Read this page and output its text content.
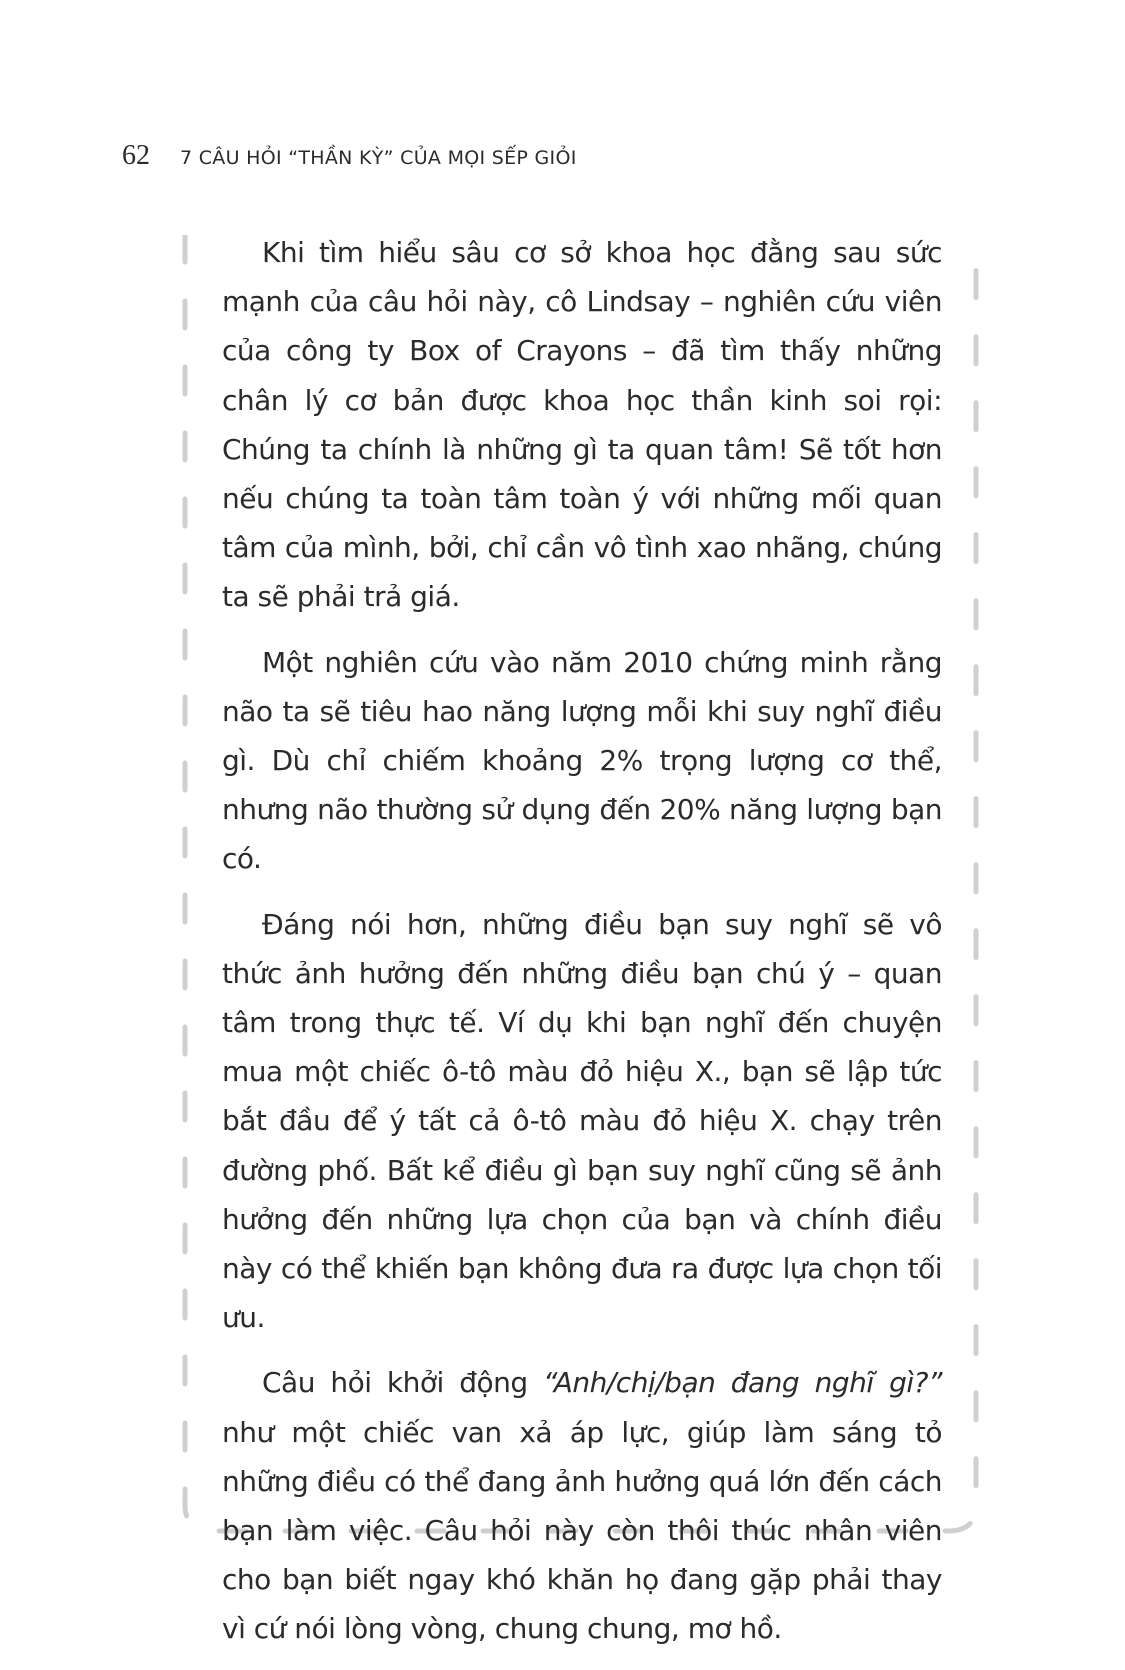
62 7 CÂU HỎI “THẦN KỲ” CỦA MỌI SẾP GIỎI

Khi tìm hiểu sâu cơ sở khoa học đằng sau sức mạnh của câu hỏi này, cô Lindsay – nghiên cứu viên của công ty Box of Crayons – đã tìm thấy những chân lý cơ bản được khoa học thần kinh soi rọi: Chúng ta chính là những gì ta quan tâm! Sẽ tốt hơn nếu chúng ta toàn tâm toàn ý với những mối quan tâm của mình, bởi, chỉ cần vô tình xao nhãng, chúng ta sẽ phải trả giá.

Một nghiên cứu vào năm 2010 chứng minh rằng não ta sẽ tiêu hao năng lượng mỗi khi suy nghĩ điều gì. Dù chỉ chiếm khoảng 2% trọng lượng cơ thể, nhưng não thường sử dụng đến 20% năng lượng bạn có.

Đáng nói hơn, những điều bạn suy nghĩ sẽ vô thức ảnh hưởng đến những điều bạn chú ý – quan tâm trong thực tế. Ví dụ khi bạn nghĩ đến chuyện mua một chiếc ô-tô màu đỏ hiệu X., bạn sẽ lập tức bắt đầu để ý tất cả ô-tô màu đỏ hiệu X. chạy trên đường phố. Bất kể điều gì bạn suy nghĩ cũng sẽ ảnh hưởng đến những lựa chọn của bạn và chính điều này có thể khiến bạn không đưa ra được lựa chọn tối ưu.

Câu hỏi khởi động “Anh/chị/bạn đang nghĩ gì?” như một chiếc van xả áp lực, giúp làm sáng tỏ những điều có thể đang ảnh hưởng quá lớn đến cách bạn làm việc. Câu hỏi này còn thôi thúc nhân viên cho bạn biết ngay khó khăn họ đang gặp phải thay vì cứ nói lòng vòng, chung chung, mơ hồ.
